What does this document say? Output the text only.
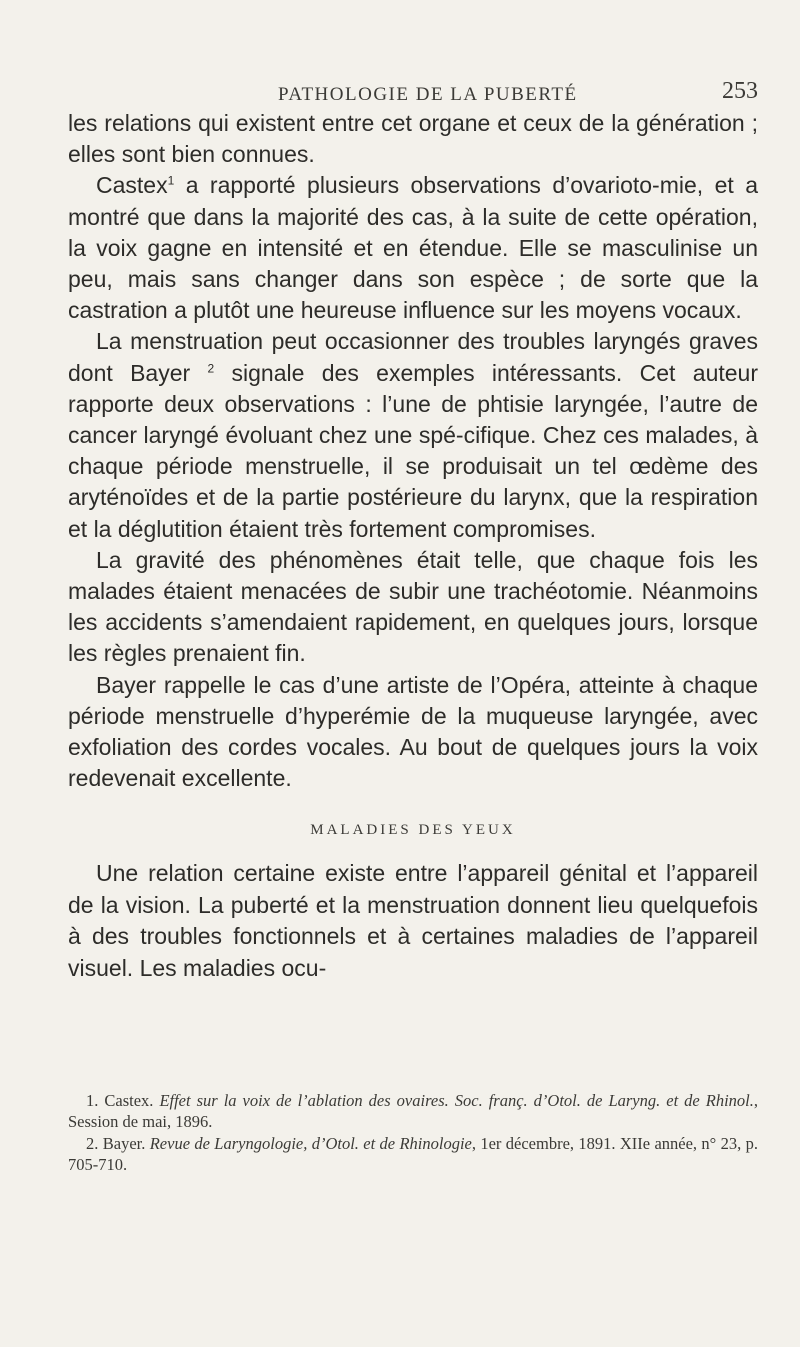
PATHOLOGIE DE LA PUBERTÉ	253

les relations qui existent entre cet organe et ceux de la génération ; elles sont bien connues.

Castex$^1$ a rapporté plusieurs observations d’ovarioto-mie, et a montré que dans la majorité des cas, à la suite de cette opération, la voix gagne en intensité et en étendue. Elle se masculinise un peu, mais sans changer dans son espèce ; de sorte que la castration a plutôt une heureuse influence sur les moyens vocaux.

La menstruation peut occasionner des troubles laryngés graves dont Bayer $^2$ signale des exemples intéressants. Cet auteur rapporte deux observations : l’une de phtisie laryngée, l’autre de cancer laryngé évoluant chez une spé-cifique. Chez ces malades, à chaque période menstruelle, il se produisait un tel œdème des aryténoïdes et de la partie postérieure du larynx, que la respiration et la déglutition étaient très fortement compromises.

La gravité des phénomènes était telle, que chaque fois les malades étaient menacées de subir une trachéotomie. Néanmoins les accidents s’amendaient rapidement, en quelques jours, lorsque les règles prenaient fin.

Bayer rappelle le cas d’une artiste de l’Opéra, atteinte à chaque période menstruelle d’hyperémie de la muqueuse laryngée, avec exfoliation des cordes vocales. Au bout de quelques jours la voix redevenait excellente.

MALADIES DES YEUX

Une relation certaine existe entre l’appareil génital et l’appareil de la vision. La puberté et la menstruation donnent lieu quelquefois à des troubles fonctionnels et à certaines maladies de l’appareil visuel. Les maladies ocu-

1. Castex. Effet sur la voix de l’ablation des ovaires. Soc. franç. d’Otol. de Laryng. et de Rhinol., Session de mai, 1896.

2. Bayer. Revue de Laryngologie, d’Otol. et de Rhinologie, 1er décembre, 1891. XIIe année, n° 23, p. 705-710.
